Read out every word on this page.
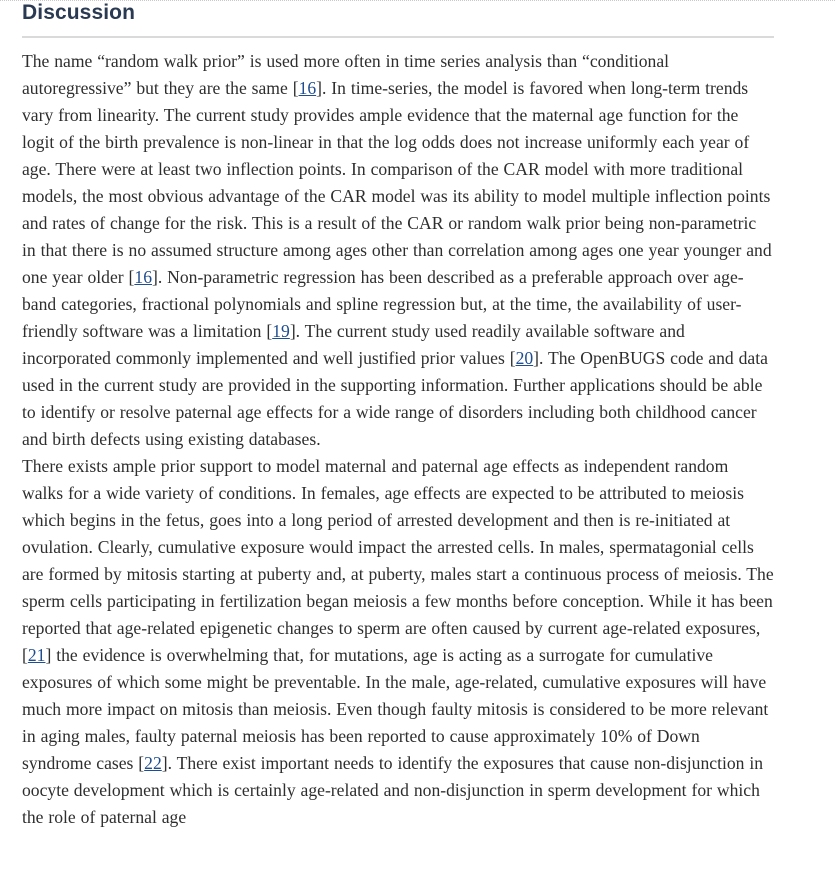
Discussion

The name “random walk prior” is used more often in time series analysis than “conditional autoregressive” but they are the same [16]. In time-series, the model is favored when long-term trends vary from linearity. The current study provides ample evidence that the maternal age function for the logit of the birth prevalence is non-linear in that the log odds does not increase uniformly each year of age. There were at least two inflection points. In comparison of the CAR model with more traditional models, the most obvious advantage of the CAR model was its ability to model multiple inflection points and rates of change for the risk. This is a result of the CAR or random walk prior being non-parametric in that there is no assumed structure among ages other than correlation among ages one year younger and one year older [16]. Non-parametric regression has been described as a preferable approach over age-band categories, fractional polynomials and spline regression but, at the time, the availability of user-friendly software was a limitation [19]. The current study used readily available software and incorporated commonly implemented and well justified prior values [20]. The OpenBUGS code and data used in the current study are provided in the supporting information. Further applications should be able to identify or resolve paternal age effects for a wide range of disorders including both childhood cancer and birth defects using existing databases.

There exists ample prior support to model maternal and paternal age effects as independent random walks for a wide variety of conditions. In females, age effects are expected to be attributed to meiosis which begins in the fetus, goes into a long period of arrested development and then is re-initiated at ovulation. Clearly, cumulative exposure would impact the arrested cells. In males, spermatagonial cells are formed by mitosis starting at puberty and, at puberty, males start a continuous process of meiosis. The sperm cells participating in fertilization began meiosis a few months before conception. While it has been reported that age-related epigenetic changes to sperm are often caused by current age-related exposures, [21] the evidence is overwhelming that, for mutations, age is acting as a surrogate for cumulative exposures of which some might be preventable. In the male, age-related, cumulative exposures will have much more impact on mitosis than meiosis. Even though faulty mitosis is considered to be more relevant in aging males, faulty paternal meiosis has been reported to cause approximately 10% of Down syndrome cases [22]. There exist important needs to identify the exposures that cause non-disjunction in oocyte development which is certainly age-related and non-disjunction in sperm development for which the role of paternal age
